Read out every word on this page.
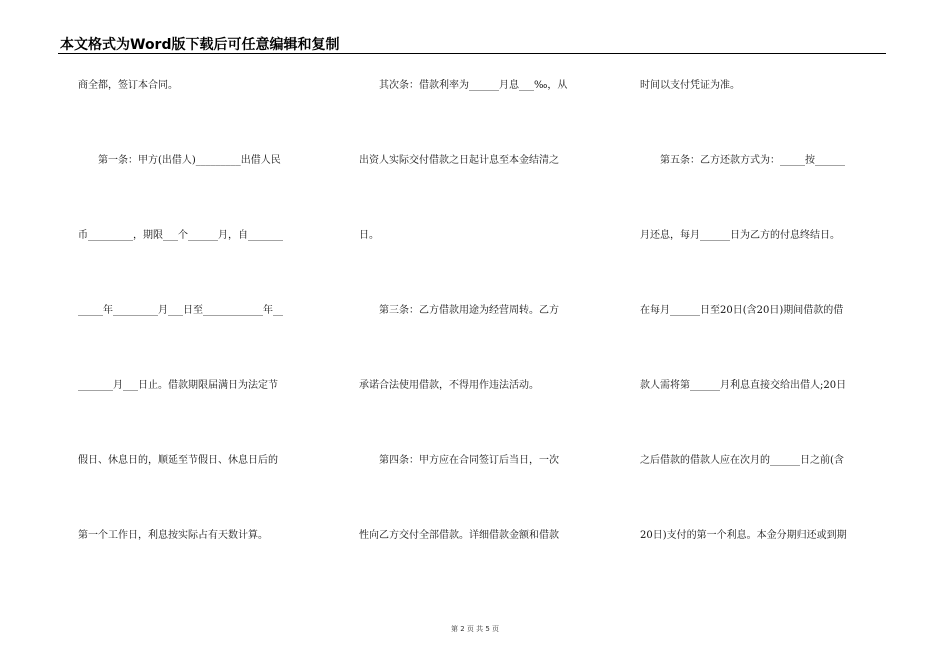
本文格式为Word版下载后可任意编辑和复制
商全都，签订本合同。
　　第一条：甲方(出借人)_________出借人民
币_________，期限___个______月，自_______
_____年_________月___日至____________年__
_______月___日止。借款期限届满日为法定节
假日、休息日的，顺延至节假日、休息日后的
第一个工作日，利息按实际占有天数计算。
　　其次条：借款利率为______月息___‰，从
出资人实际交付借款之日起计息至本金结清之
日。
　　第三条：乙方借款用途为经营周转。乙方
承诺合法使用借款，不得用作违法活动。
　　第四条：甲方应在合同签订后当日，一次
性向乙方交付全部借款。详细借款金额和借款
时间以支付凭证为准。
　　第五条：乙方还款方式为：_____按______
月还息，每月______日为乙方的付息终结日。
在每月______日至20日(含20日)期间借款的借
款人需将第______月利息直接交给出借人;20日
之后借款的借款人应在次月的______日之前(含
20日)支付的第一个利息。本金分期归还或到期
第 2 页 共 5 页
